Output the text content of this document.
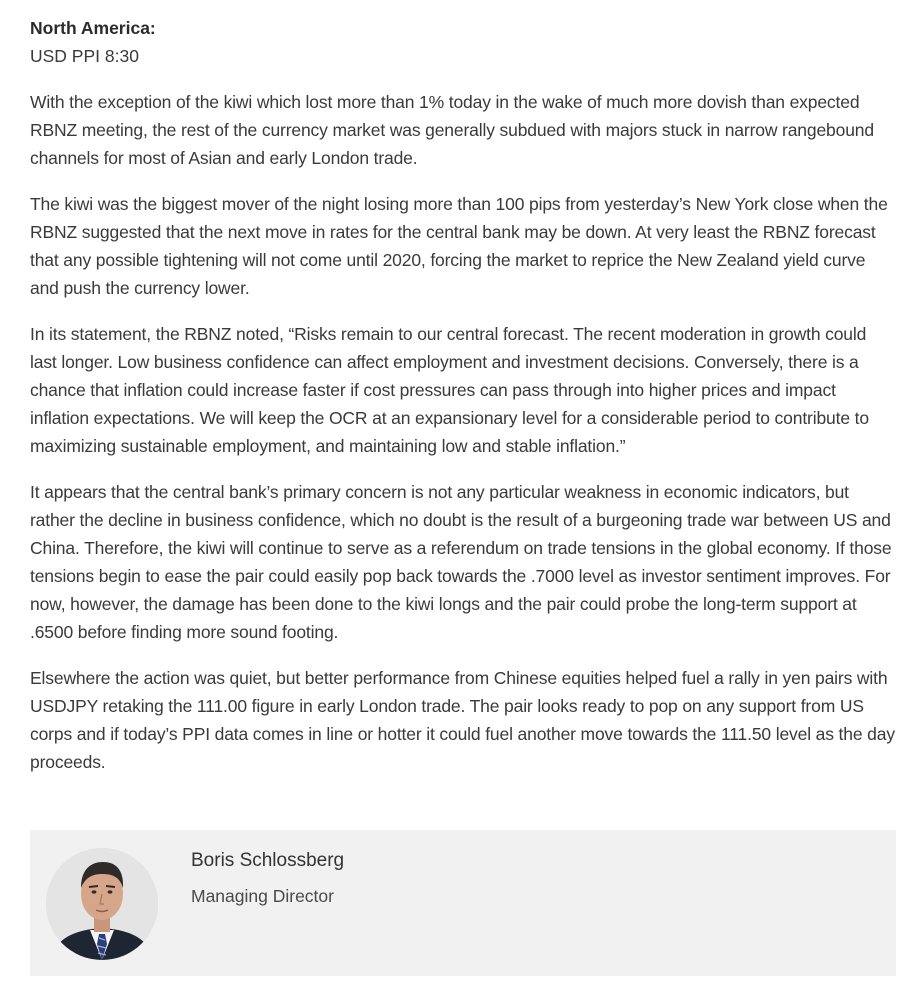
North America:

USD PPI 8:30

With the exception of the kiwi which lost more than 1% today in the wake of much more dovish than expected RBNZ meeting, the rest of the currency market was generally subdued with majors stuck in narrow rangebound channels for most of Asian and early London trade.

The kiwi was the biggest mover of the night losing more than 100 pips from yesterday’s New York close when the RBNZ suggested that the next move in rates for the central bank may be down. At very least the RBNZ forecast that any possible tightening will not come until 2020, forcing the market to reprice the New Zealand yield curve and push the currency lower.

In its statement, the RBNZ noted, “Risks remain to our central forecast. The recent moderation in growth could last longer. Low business confidence can affect employment and investment decisions. Conversely, there is a chance that inflation could increase faster if cost pressures can pass through into higher prices and impact inflation expectations. We will keep the OCR at an expansionary level for a considerable period to contribute to maximizing sustainable employment, and maintaining low and stable inflation.”

It appears that the central bank’s primary concern is not any particular weakness in economic indicators, but rather the decline in business confidence, which no doubt is the result of a burgeoning trade war between US and China. Therefore, the kiwi will continue to serve as a referendum on trade tensions in the global economy. If those tensions begin to ease the pair could easily pop back towards the .7000 level as investor sentiment improves. For now, however, the damage has been done to the kiwi longs and the pair could probe the long-term support at .6500 before finding more sound footing.

Elsewhere the action was quiet, but better performance from Chinese equities helped fuel a rally in yen pairs with USDJPY retaking the 111.00 figure in early London trade. The pair looks ready to pop on any support from US corps and if today’s PPI data comes in line or hotter it could fuel another move towards the 111.50 level as the day proceeds.

Boris Schlossberg

Managing Director
